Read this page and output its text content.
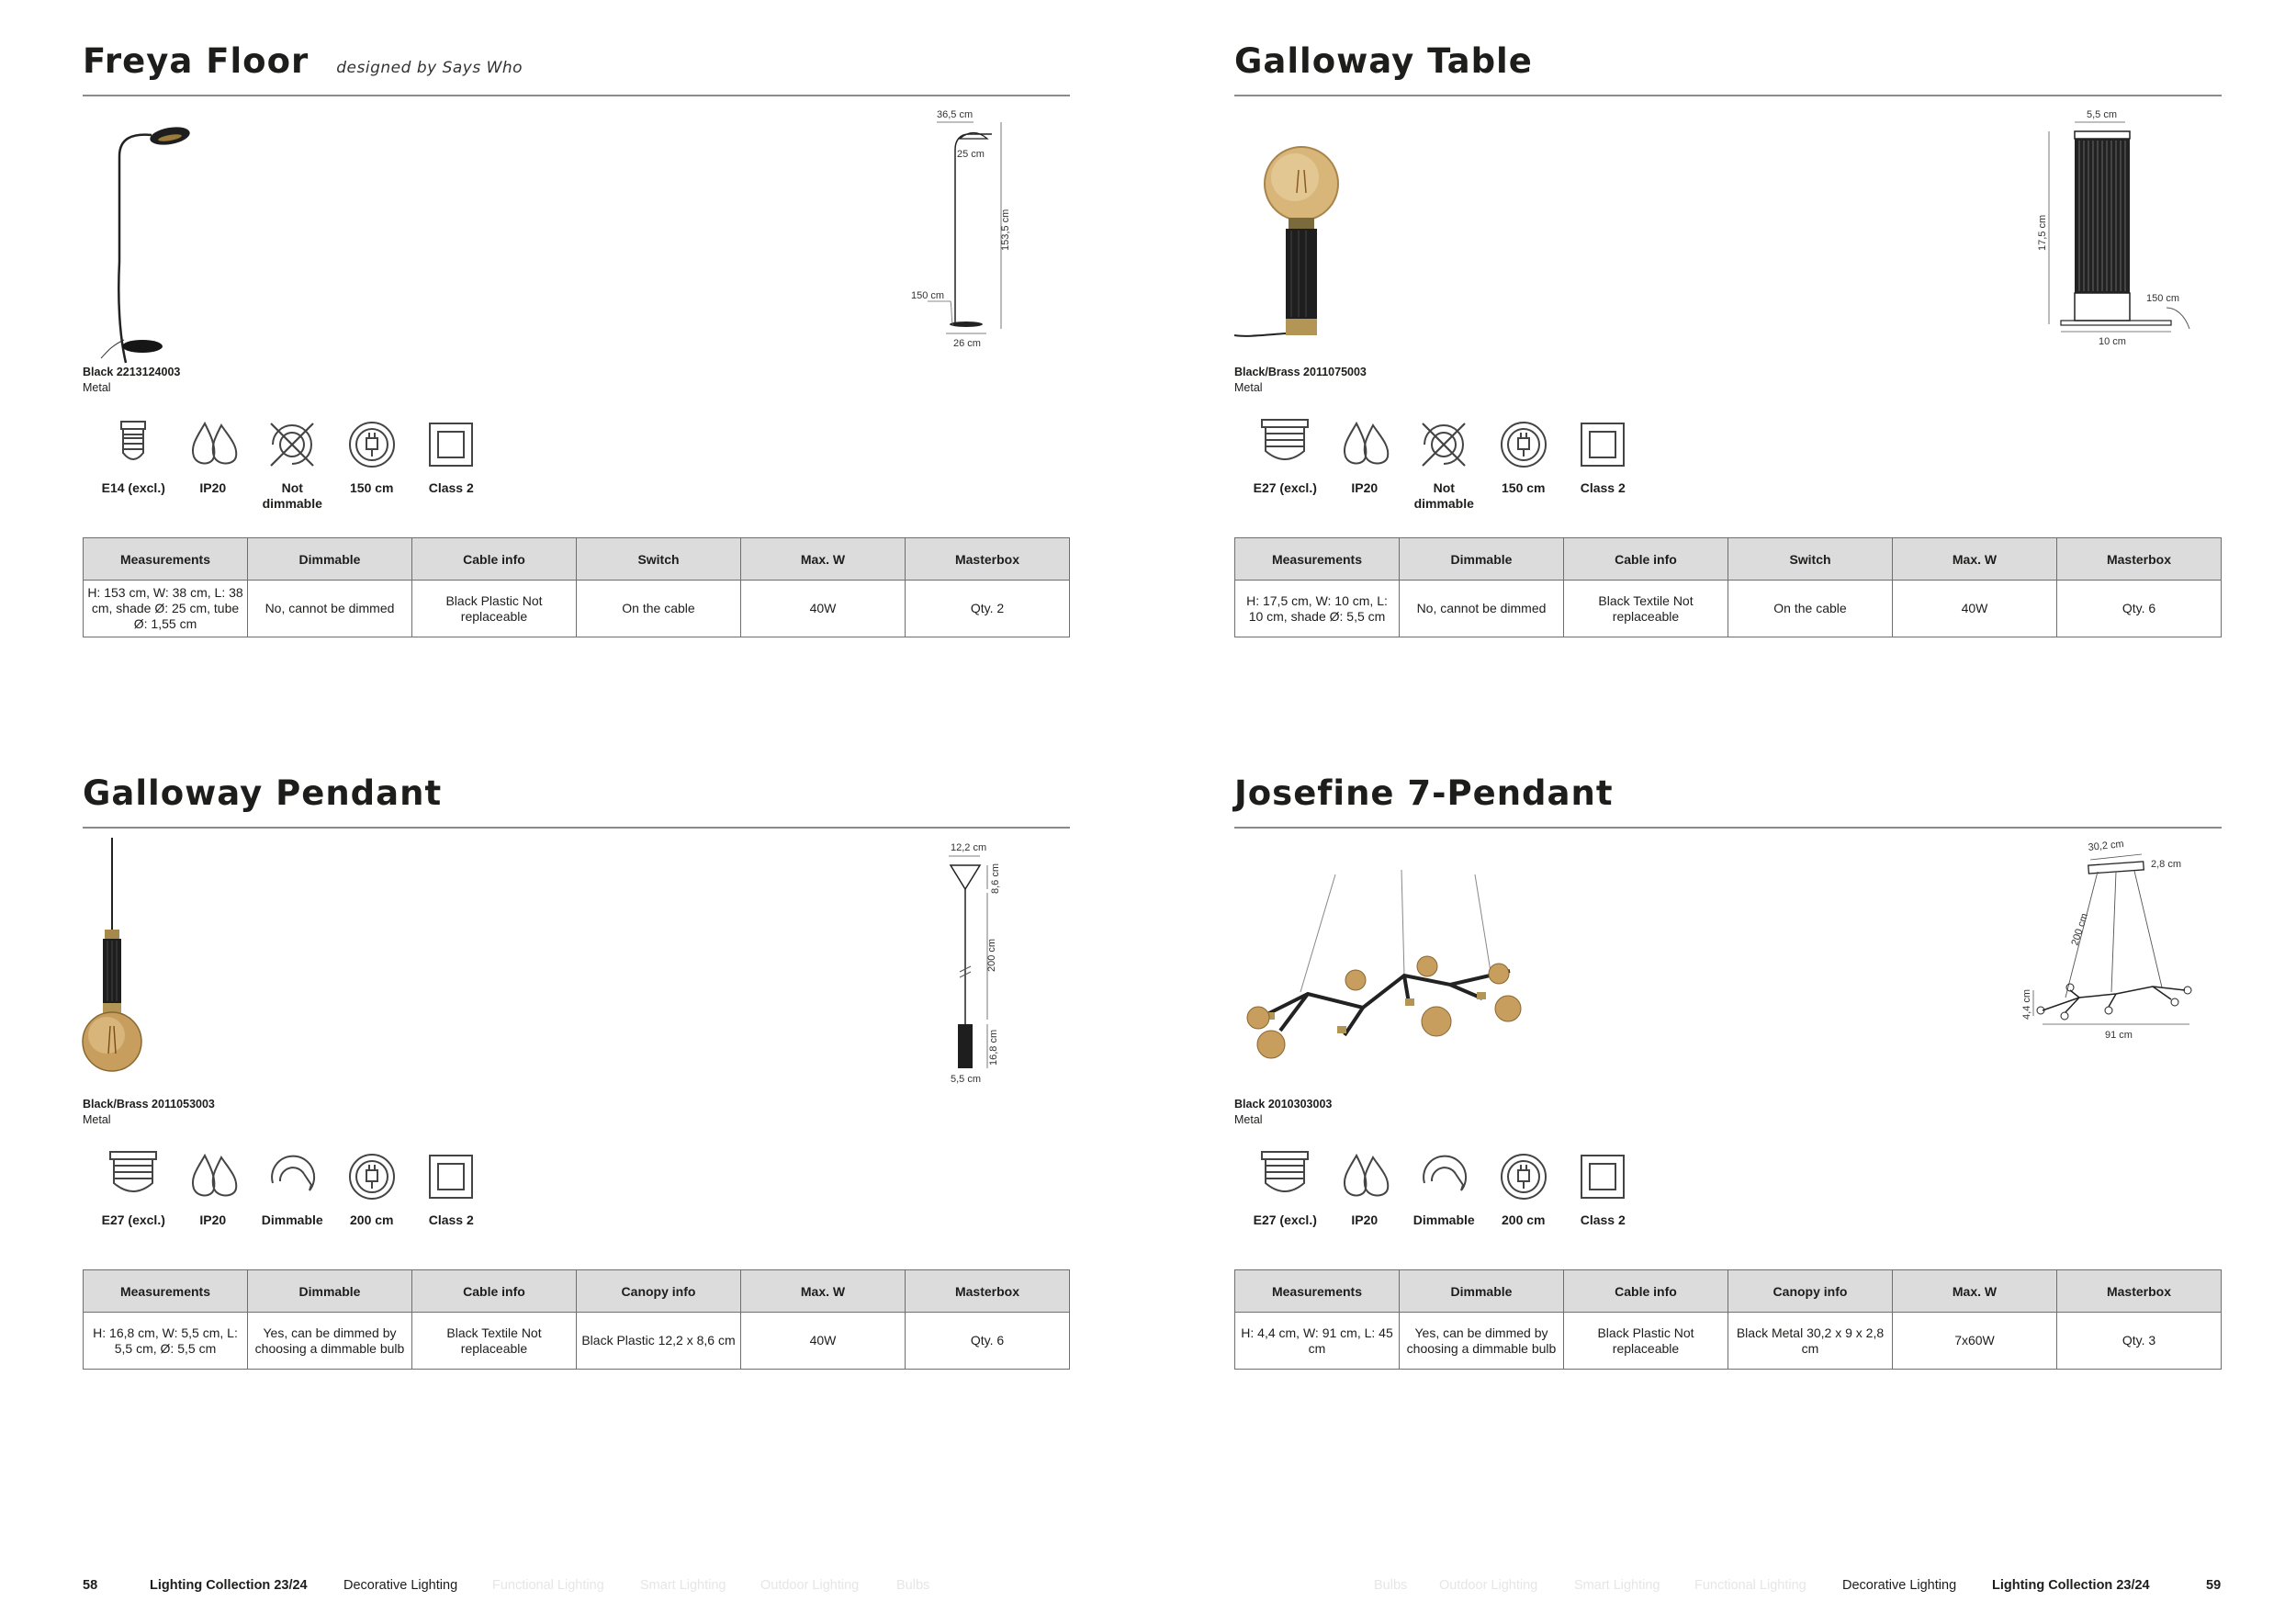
Freya Floor designed by Says Who
36,5 cm
25 cm
153,5 cm
150 cm
26 cm
Black 2213124003
Metal
E14 (excl.)	IP20	Not dimmable
150 cm	Class 2
Measurements	Dimmable	Cable info	Switch	Max. W	Masterbox
H: 153 cm, W: 38 cm, L: 38 cm, shade Ø: 25 cm, tube Ø: 1,55 cm	No, cannot be dimmed	Black Plastic Not replaceable	On the cable	40W	Qty. 2
Galloway Table
5,5 cm
17,5 cm
150 cm
10 cm
Black/Brass 2011075003
Metal
E27 (excl.)	IP20	Not dimmable
150 cm	Class 2
Measurements	Dimmable	Cable info	Switch	Max. W	Masterbox
H: 17,5 cm, W: 10 cm, L: 10 cm, shade Ø: 5,5 cm	No, cannot be dimmed	Black Textile Not replaceable	On the cable	40W	Qty. 6
Galloway Pendant
12,2 cm
8,6 cm
200 cm
16,8 cm
5,5 cm
Black/Brass 2011053003
Metal
E27 (excl.)	IP20	Dimmable 200 cm	Class 2
Measurements	Dimmable	Cable info	Canopy info	Max. W	Masterbox
H: 16,8 cm, W: 5,5 cm, L: 5,5 cm, Ø: 5,5 cm	Yes, can be dimmed by choosing a dimmable bulb	Black Textile Not replaceable	Black Plastic 12,2 x 8,6 cm	40W	Qty. 6
Josefine 7-Pendant
30,2 cm
2,8 cm
200 cm
4,4 cm
91 cm
Black 2010303003
Metal
E27 (excl.)	IP20	Dimmable 200 cm	Class 2
Measurements	Dimmable	Cable info	Canopy info	Max. W	Masterbox
H: 4,4 cm, W: 91 cm, L: 45 cm	Yes, can be dimmed by choosing a dimmable bulb	Black Plastic Not replaceable	Black Metal 30,2 x 9 x 2,8 cm	7x60W	Qty. 3
58	Lighting Collection 23/24	Decorative Lighting	Functional Lighting	Smart Lighting	Outdoor Lighting	Bulbs	Bulbs Outdoor Lighting	Smart Lighting	Functional Lighting	Decorative Lighting	Lighting Collection 23/24	59
